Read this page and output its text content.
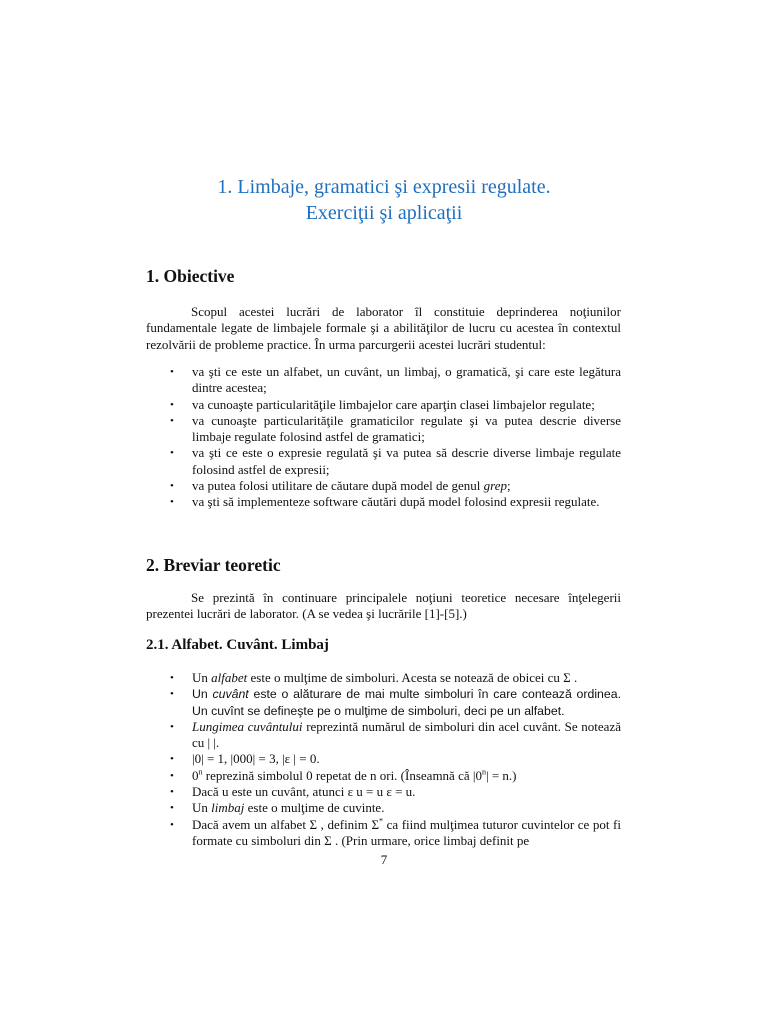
1. Limbaje, gramatici şi expresii regulate.
Exerciţii şi aplicaţii
1. Obiective
Scopul acestei lucrări de laborator îl constituie deprinderea noţiunilor fundamentale legate de limbajele formale şi a abilităţilor de lucru cu acestea în contextul rezolvării de probleme practice. În urma parcurgerii acestei lucrări studentul:
• va şti ce este un alfabet, un cuvânt, un limbaj, o gramatică, şi care este legătura dintre acestea;
• va cunoaşte particularităţile limbajelor care aparţin clasei limbajelor regulate;
• va cunoaşte particularităţile gramaticilor regulate şi va putea descrie diverse limbaje regulate folosind astfel de gramatici;
• va şti ce este o expresie regulată şi va putea să descrie diverse limbaje regulate folosind astfel de expresii;
• va putea folosi utilitare de căutare după model de genul grep;
• va şti să implementeze software căutări după model folosind expresii regulate.
2. Breviar teoretic
Se prezintă în continuare principalele noţiuni teoretice necesare înţelegerii prezentei lucrări de laborator. (A se vedea şi lucrările [1]-[5].)
2.1. Alfabet. Cuvânt. Limbaj
• Un alfabet este o mulţime de simboluri. Acesta se notează de obicei cu Σ .
• Un cuvânt este o alăturare de mai multe simboluri în care contează ordinea. Un cuvînt se defineşte pe o mulţime de simboluri, deci pe un alfabet.
• Lungimea cuvântului reprezintă numărul de simboluri din acel cuvânt. Se notează cu | |.
• |0| = 1, |000| = 3, |ε | = 0.
• 0$^n$ reprezină simbolul 0 repetat de n ori. (Înseamnă că $|0^n| = n$.)
• Dacă u este un cuvânt, atunci ε u = u ε = u.
• Un limbaj este o mulţime de cuvinte.
• Dacă avem un alfabet Σ , definim Σ* ca fiind mulţimea tuturor cuvintelor ce pot fi formate cu simboluri din Σ . (Prin urmare, orice limbaj definit pe
7
